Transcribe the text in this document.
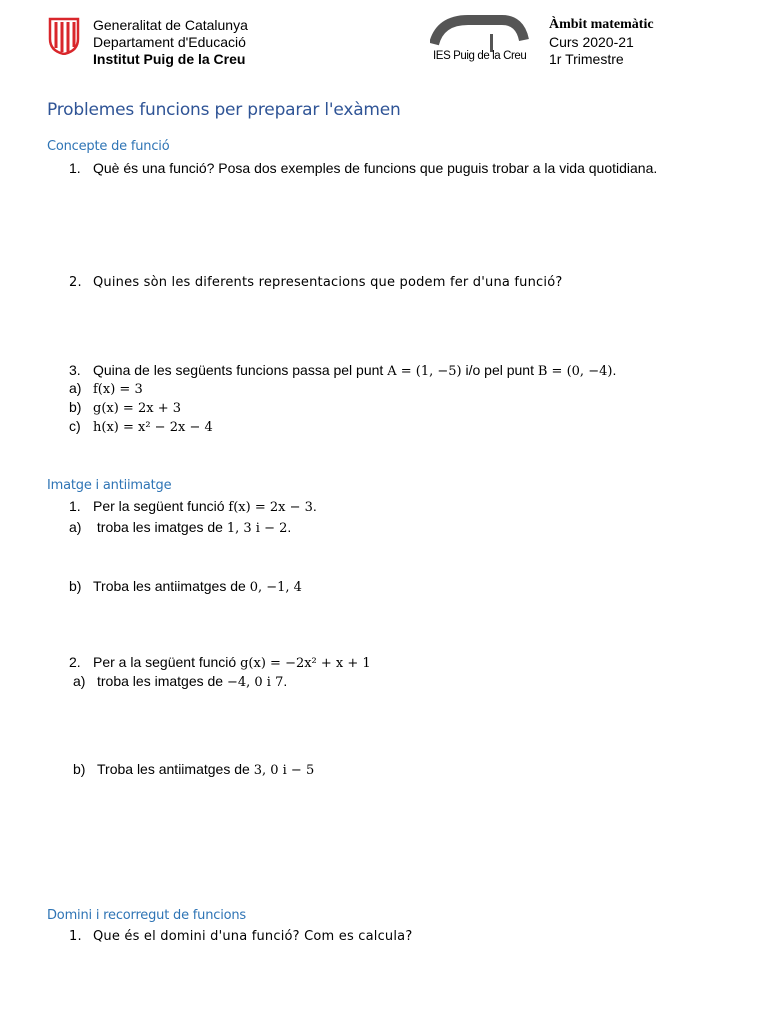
Generalitat de Catalunya
Departament d'Educació
Institut Puig de la Creu	IES Puig de la Creu
Àmbit matemàtic
Curs 2020-21
1r Trimestre
Problemes funcions per preparar l'exàmen
Concepte de funció
1. Què és una funció? Posa dos exemples de funcions que puguis trobar a la vida quotidiana.
2. Quines sòn les diferents representacions que podem fer d'una funció?
3. Quina de les següents funcions passa pel punt A = (1, −5) i/o pel punt B = (0, −4).
a) f(x) = 3
b) g(x) = 2x + 3
c) h(x) = x² − 2x − 4
Imatge i antiimatge
1. Per la següent funció f(x) = 2x − 3.
a) troba les imatges de 1, 3 i − 2.
b) Troba les antiimatges de 0, −1, 4
2. Per a la següent funció g(x) = −2x² + x + 1
a) troba les imatges de −4, 0 i 7.
b) Troba les antiimatges de 3, 0 i − 5
Domini i recorregut de funcions
1. Que és el domini d'una funció? Com es calcula?
